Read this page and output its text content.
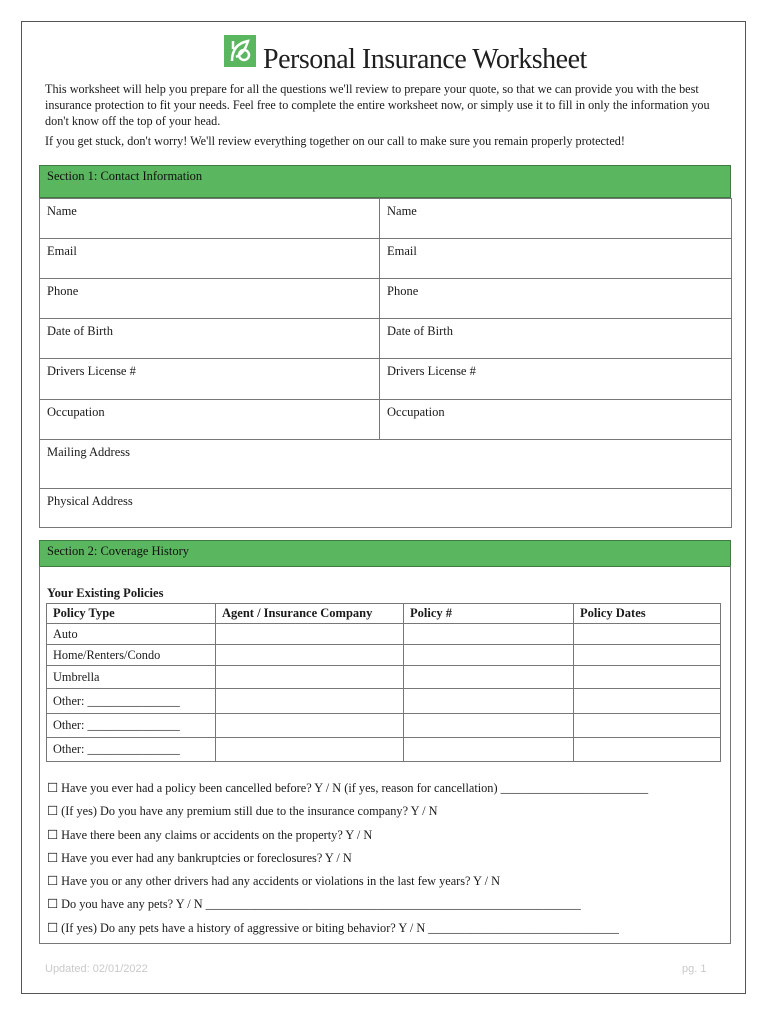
Personal Insurance Worksheet

This worksheet will help you prepare for all the questions we'll review to prepare your quote, so that we can provide you with the best insurance protection to fit your needs. Feel free to complete the entire worksheet now, or simply use it to fill in only the information you don't know off the top of your head.

If you get stuck, don't worry! We'll review everything together on our call to make sure you remain properly protected!

Section 1: Contact Information
Name	Name
Email	Email
Phone	Phone
Date of Birth	Date of Birth
Drivers License #	Drivers License #
Occupation	Occupation
Mailing Address	
Physical Address	
Section 2: Coverage History
Your Existing Policies
Policy Type	Agent / Insurance Company	Policy #	Policy Dates
Auto			
Home/Renters/Condo			
Umbrella			
Other: _______________			
Other: _______________			
Other: _______________			
☐ Have you ever had a policy been cancelled before? Y / N (if yes, reason for cancellation) ________________________
☐ (If yes) Do you have any premium still due to the insurance company? Y / N
☐ Have there been any claims or accidents on the property? Y / N
☐ Have you ever had any bankruptcies or foreclosures? Y / N
☐ Have you or any other drivers had any accidents or violations in the last few years? Y / N
☐ Do you have any pets? Y / N _____________________________________________________________
☐ (If yes) Do any pets have a history of aggressive or biting behavior? Y / N _______________________________
Updated: 02/01/2022	pg. 1
